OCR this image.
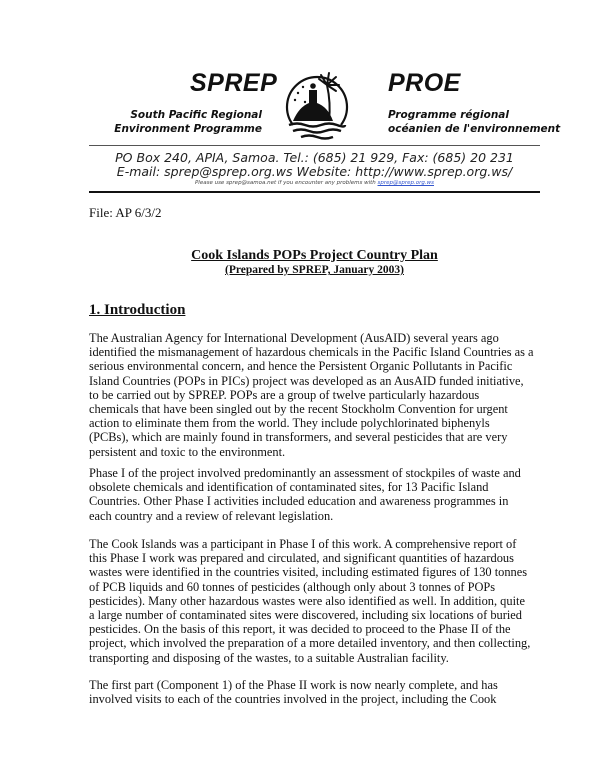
SPREP
South Pacific Regional
Environment Programme
PROE
Programme régional
océanien de l'environnement
PO Box 240, APIA, Samoa. Tel.: (685) 21 929, Fax: (685) 20 231
E-mail: sprep@sprep.org.ws Website: http://www.sprep.org.ws/
Please use sprep@samoa.net if you encounter any problems with sprep@sprep.org.ws
File: AP 6/3/2
Cook Islands POPs Project Country Plan
(Prepared by SPREP, January 2003)
1. Introduction
The Australian Agency for International Development (AusAID) several years ago
identified the mismanagement of hazardous chemicals in the Pacific Island Countries as a
serious environmental concern, and hence the Persistent Organic Pollutants in Pacific
Island Countries (POPs in PICs) project was developed as an AusAID funded initiative,
to be carried out by SPREP. POPs are a group of twelve particularly hazardous
chemicals that have been singled out by the recent Stockholm Convention for urgent
action to eliminate them from the world. They include polychlorinated biphenyls
(PCBs), which are mainly found in transformers, and several pesticides that are very
persistent and toxic to the environment.
Phase I of the project involved predominantly an assessment of stockpiles of waste and
obsolete chemicals and identification of contaminated sites, for 13 Pacific Island
Countries. Other Phase I activities included education and awareness programmes in
each country and a review of relevant legislation.
The Cook Islands was a participant in Phase I of this work. A comprehensive report of
this Phase I work was prepared and circulated, and significant quantities of hazardous
wastes were identified in the countries visited, including estimated figures of 130 tonnes
of PCB liquids and 60 tonnes of pesticides (although only about 3 tonnes of POPs
pesticides). Many other hazardous wastes were also identified as well. In addition, quite
a large number of contaminated sites were discovered, including six locations of buried
pesticides. On the basis of this report, it was decided to proceed to the Phase II of the
project, which involved the preparation of a more detailed inventory, and then collecting,
transporting and disposing of the wastes, to a suitable Australian facility.
The first part (Component 1) of the Phase II work is now nearly complete, and has
involved visits to each of the countries involved in the project, including the Cook
